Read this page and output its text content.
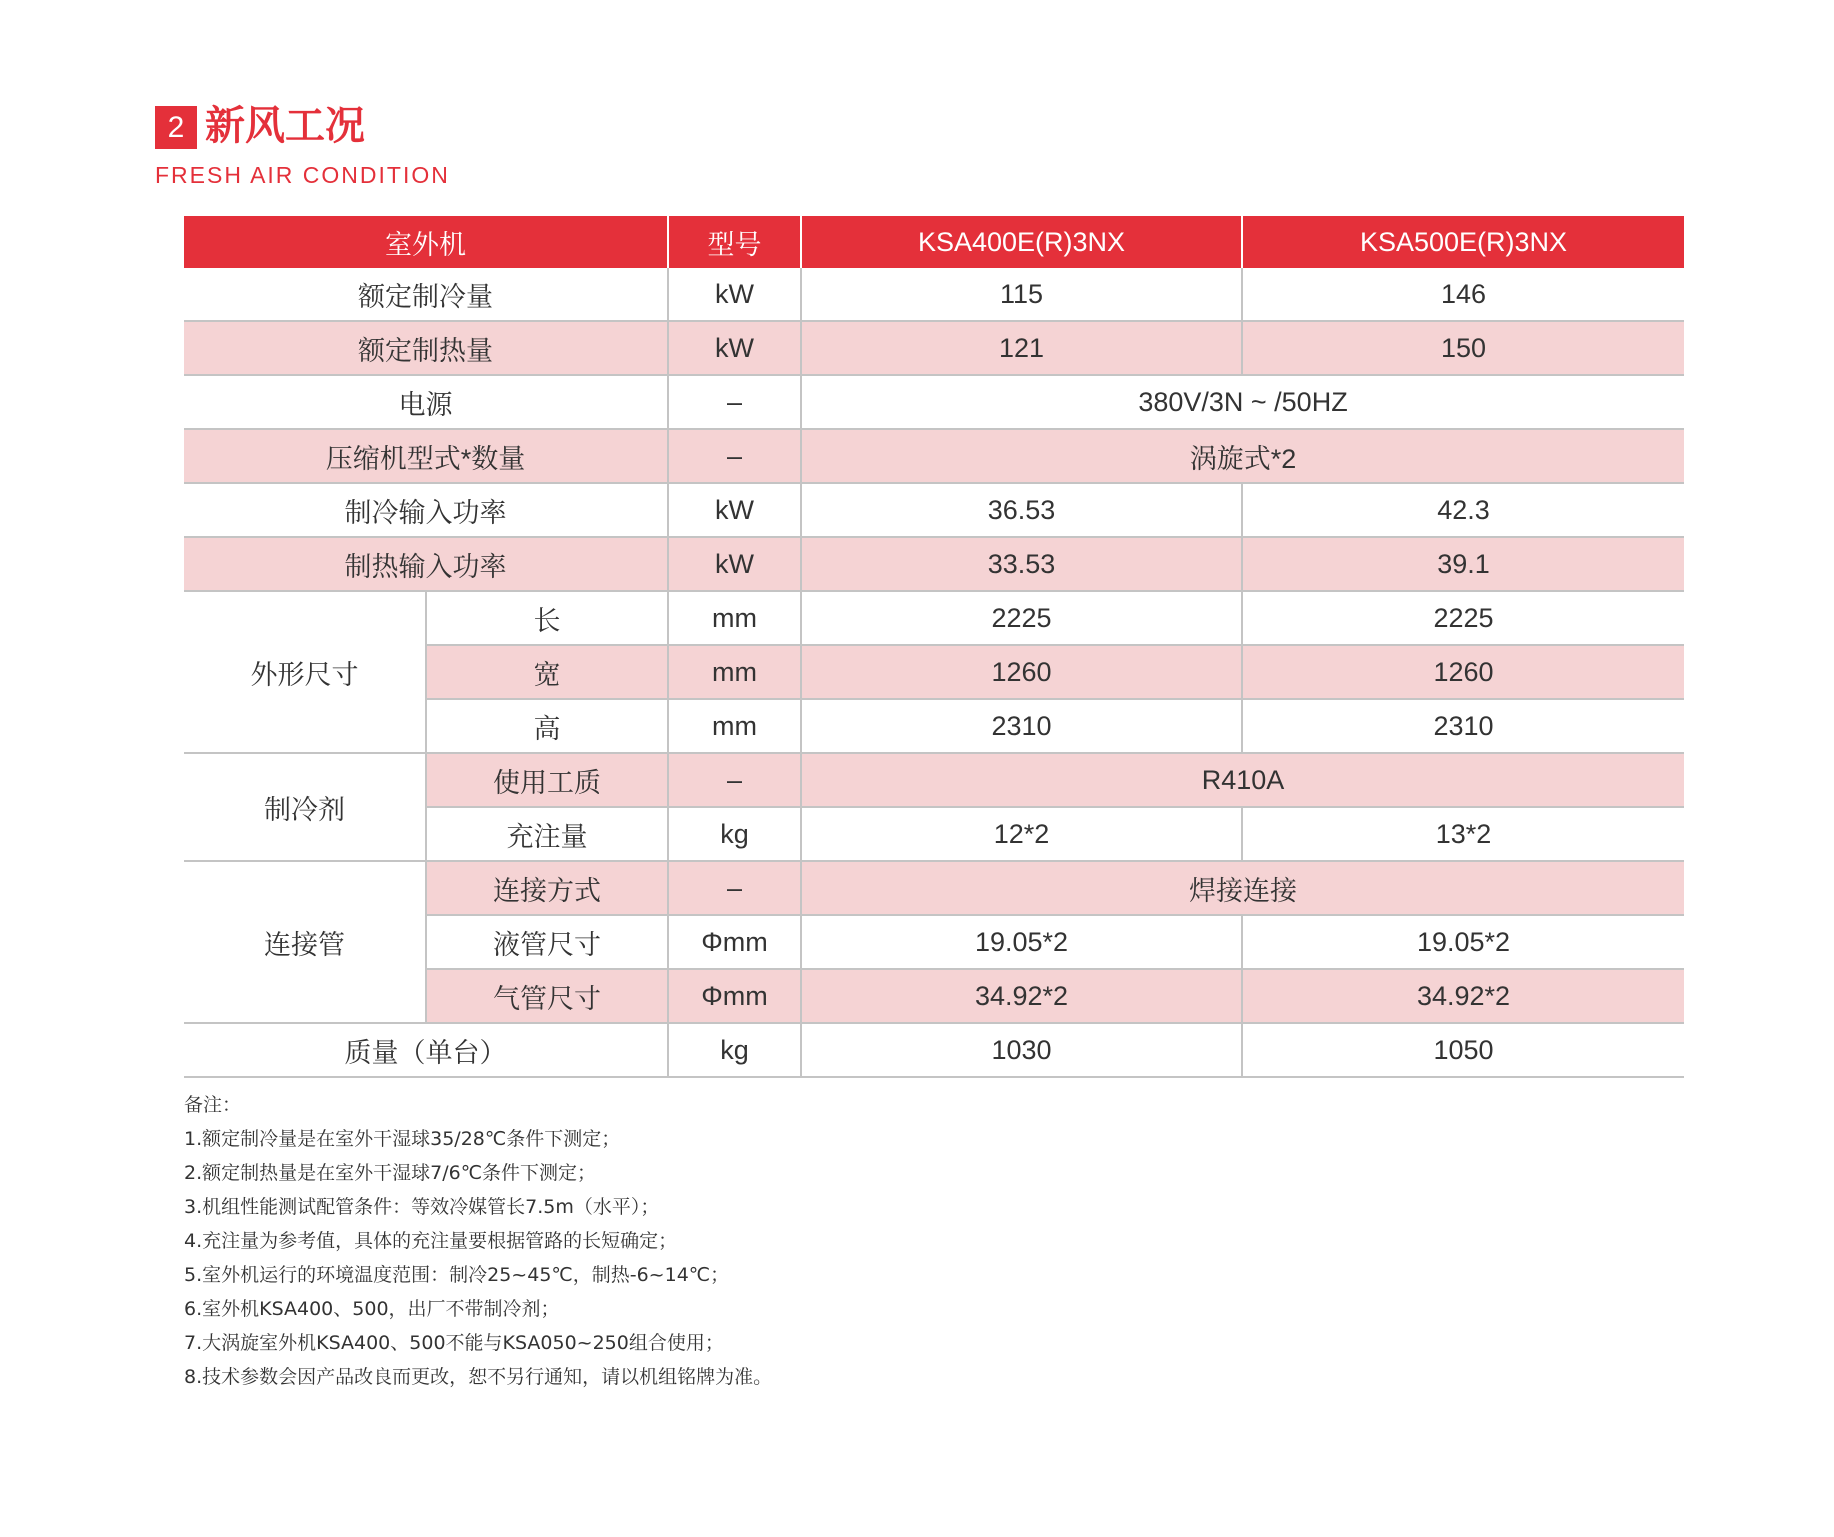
2 新风工况
FRESH AIR CONDITION
室外机		型号	KSA400E(R)3NX	KSA500E(R)3NX
额定制冷量		kW	115	146
额定制热量		kW	121	150
电源		–	380V/3N ~ /50HZ	
压缩机型式*数量		–	涡旋式*2	
制冷输入功率		kW	36.53	42.3
制热输入功率		kW	33.53	39.1
外形尺寸	长	mm	2225	2225
	宽	mm	1260	1260
	高	mm	2310	2310
制冷剂	使用工质	–	R410A	
	充注量	kg	12*2	13*2
连接管	连接方式	–	焊接连接	
	液管尺寸	Φmm	19.05*2	19.05*2
	气管尺寸	Φmm	34.92*2	34.92*2
质量（单台）		kg	1030	1050
备注：
1.额定制冷量是在室外干湿球35/28℃条件下测定；
2.额定制热量是在室外干湿球7/6℃条件下测定；
3.机组性能测试配管条件：等效冷媒管长7.5m（水平）；
4.充注量为参考值，具体的充注量要根据管路的长短确定；
5.室外机运行的环境温度范围：制冷25~45℃，制热-6~14℃；
6.室外机KSA400、500，出厂不带制冷剂；
7.大涡旋室外机KSA400、500不能与KSA050~250组合使用；
8.技术参数会因产品改良而更改，恕不另行通知，请以机组铭牌为准。
